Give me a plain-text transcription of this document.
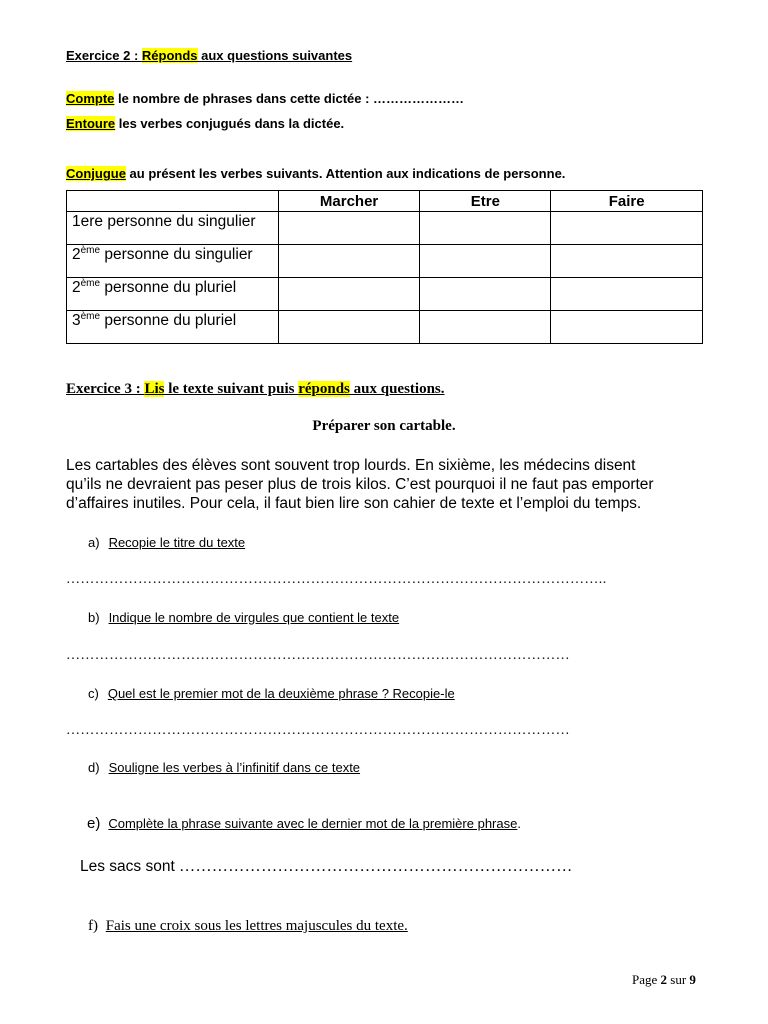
Exercice 2 : Réponds aux questions suivantes
Compte le nombre de phrases dans cette dictée : …………………
Entoure les verbes conjugués dans la dictée.
Conjugue au présent les verbes suivants. Attention aux indications de personne.
	Marcher	Etre	Faire
1ere personne du singulier			
2ème personne du singulier			
2ème personne du pluriel			
3ème personne du pluriel			
Exercice 3 : Lis le texte suivant puis réponds aux questions.
Préparer son cartable.
Les cartables des élèves sont souvent trop lourds. En sixième, les médecins disent
qu’ils ne devraient pas peser plus de trois kilos. C’est pourquoi il ne faut pas emporter
d’affaires inutiles. Pour cela, il faut bien lire son cahier de texte et l’emploi du temps.
a) Recopie le titre du texte
…………………………………………………………………………………………………..
b) Indique le nombre de virgules que contient le texte
……………………………………………………………………………………………
c) Quel est le premier mot de la deuxième phrase ? Recopie-le
……………………………………………………………………………………………
d) Souligne les verbes à l’infinitif dans ce texte
e) Complète la phrase suivante avec le dernier mot de la première phrase.
Les sacs sont ………………………………………………………………
f) Fais une croix sous les lettres majuscules du texte.
Page 2 sur 9
